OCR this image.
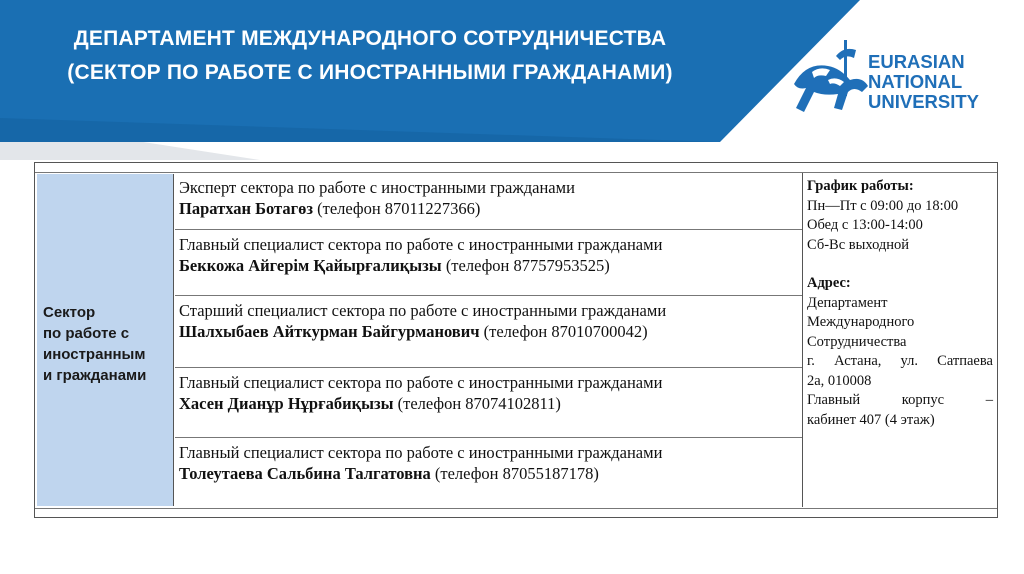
ДЕПАРТАМЕНТ МЕЖДУНАРОДНОГО СОТРУДНИЧЕСТВА
(СЕКТОР ПО РАБОТЕ С ИНОСТРАННЫМИ ГРАЖДАНАМИ)	EURASIAN
NATIONAL
UNIVERSITY
Сектор
по работе с
иностранным
и гражданами
Эксперт сектора по работе с иностранными гражданами
Паратхан Ботагөз (телефон 87011227366)
Главный специалист сектора по работе с иностранными гражданами
Беккожа Айгерім Қайырғалиқызы (телефон 87757953525)
Старший специалист сектора по работе с иностранными гражданами
Шалхыбаев Айткурман Байгурманович (телефон 87010700042)
Главный специалист сектора по работе с иностранными гражданами
Хасен Дианұр Нұрғабиқызы (телефон 87074102811)
Главный специалист сектора по работе с иностранными гражданами
Толеутаева Сальбина Талгатовна (телефон 87055187178)
График работы:
Пн—Пт с 09:00 до 18:00
Обед с 13:00-14:00
Сб-Вс выходной
Адрес:
Департамент
Международного
Сотрудничества
г. Астана, ул. Сатпаева
2а, 010008
Главный	корпус	–
кабинет 407 (4 этаж)
